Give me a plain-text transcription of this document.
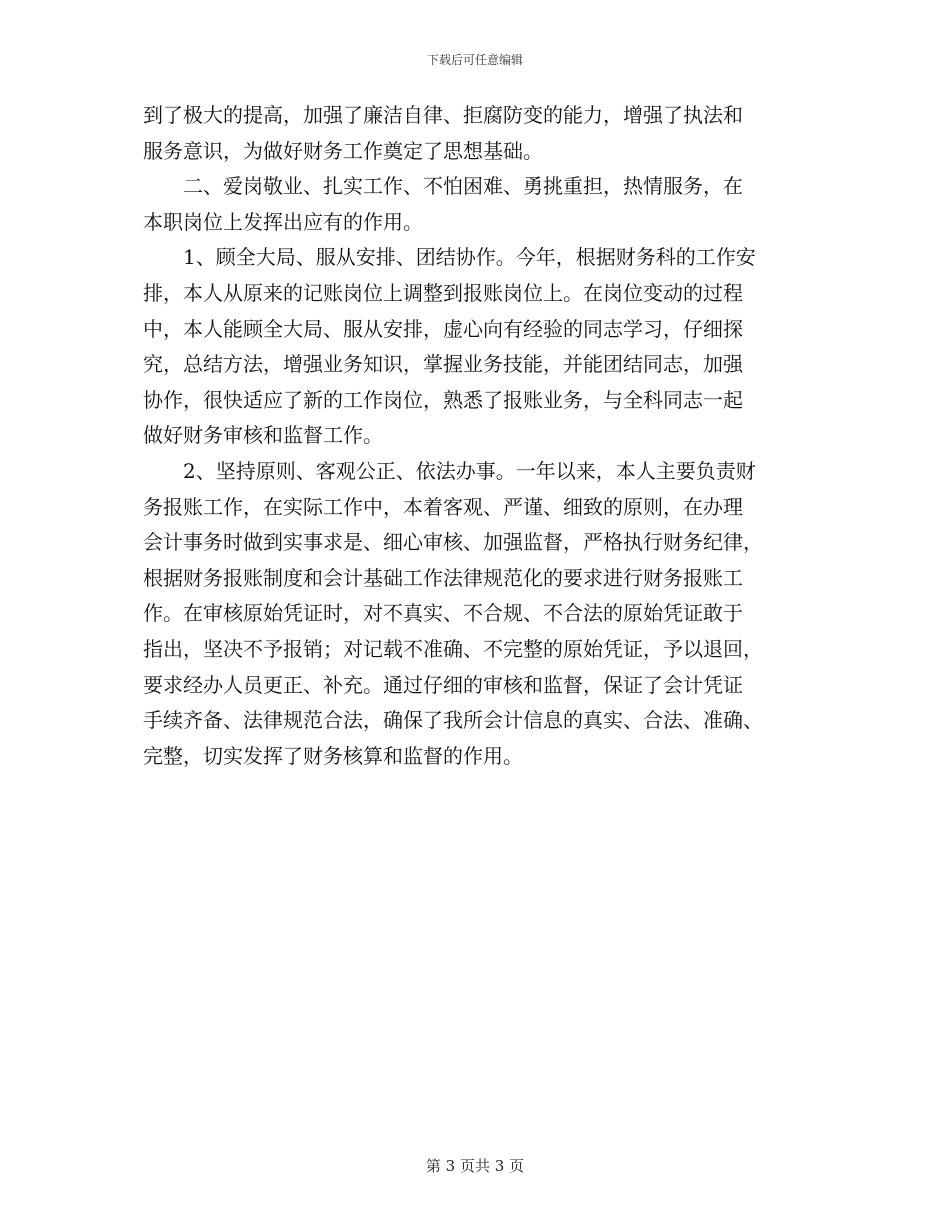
下载后可任意编辑
到了极大的提高，加强了廉洁自律、拒腐防变的能力，增强了执法和
服务意识，为做好财务工作奠定了思想基础。
　　二、爱岗敬业、扎实工作、不怕困难、勇挑重担，热情服务，在
本职岗位上发挥出应有的作用。
　　1、顾全大局、服从安排、团结协作。今年，根据财务科的工作安
排，本人从原来的记账岗位上调整到报账岗位上。在岗位变动的过程
中，本人能顾全大局、服从安排，虚心向有经验的同志学习，仔细探
究，总结方法，增强业务知识，掌握业务技能，并能团结同志，加强
协作，很快适应了新的工作岗位，熟悉了报账业务，与全科同志一起
做好财务审核和监督工作。
　　2、坚持原则、客观公正、依法办事。一年以来，本人主要负责财
务报账工作，在实际工作中，本着客观、严谨、细致的原则，在办理
会计事务时做到实事求是、细心审核、加强监督，严格执行财务纪律，
根据财务报账制度和会计基础工作法律规范化的要求进行财务报账工
作。在审核原始凭证时，对不真实、不合规、不合法的原始凭证敢于
指出，坚决不予报销；对记载不准确、不完整的原始凭证，予以退回，
要求经办人员更正、补充。通过仔细的审核和监督，保证了会计凭证
手续齐备、法律规范合法，确保了我所会计信息的真实、合法、准确、
完整，切实发挥了财务核算和监督的作用。
第 3 页共 3 页
